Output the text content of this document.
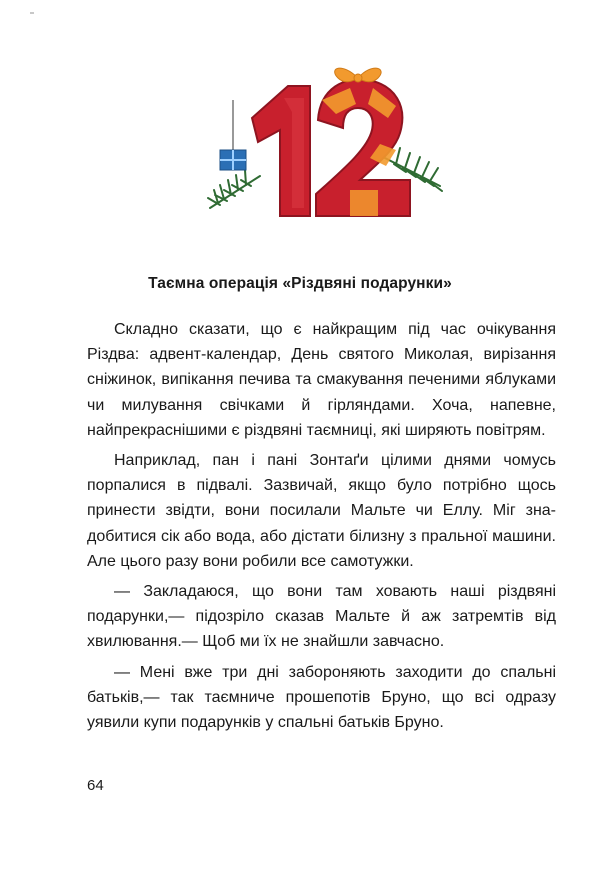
Таємна операція «Різдвяні подарунки»

Складно сказати, що є найкращим під час очікування Різдва: адвент-календар, День святого Миколая, вирізання сніжинок, випікання печива та смакування печеними яблуками чи милування свічками й гірляндами. Хоча, напевне, найпрекраснішими є різдвяні таємниці, які ширяють повітрям.

Наприклад, пан і пані Зонтаґи цілими днями чомусь порпалися в підвалі. Зазвичай, якщо було потрібно щось принести звідти, вони посилали Мальте чи Еллу. Міг знадобитися сік або вода, або дістати білизну з пральної машини. Але цього разу вони робили все самотужки.

— Закладаюся, що вони там ховають наші різдвяні подарунки,— підозріло сказав Мальте й аж затремтів від хвилювання.— Щоб ми їх не знайшли завчасно.

— Мені вже три дні забороняють заходити до спальні батьків,— так таємниче прошепотів Бруно, що всі одразу уявили купи подарунків у спальні батьків Бруно.

64
